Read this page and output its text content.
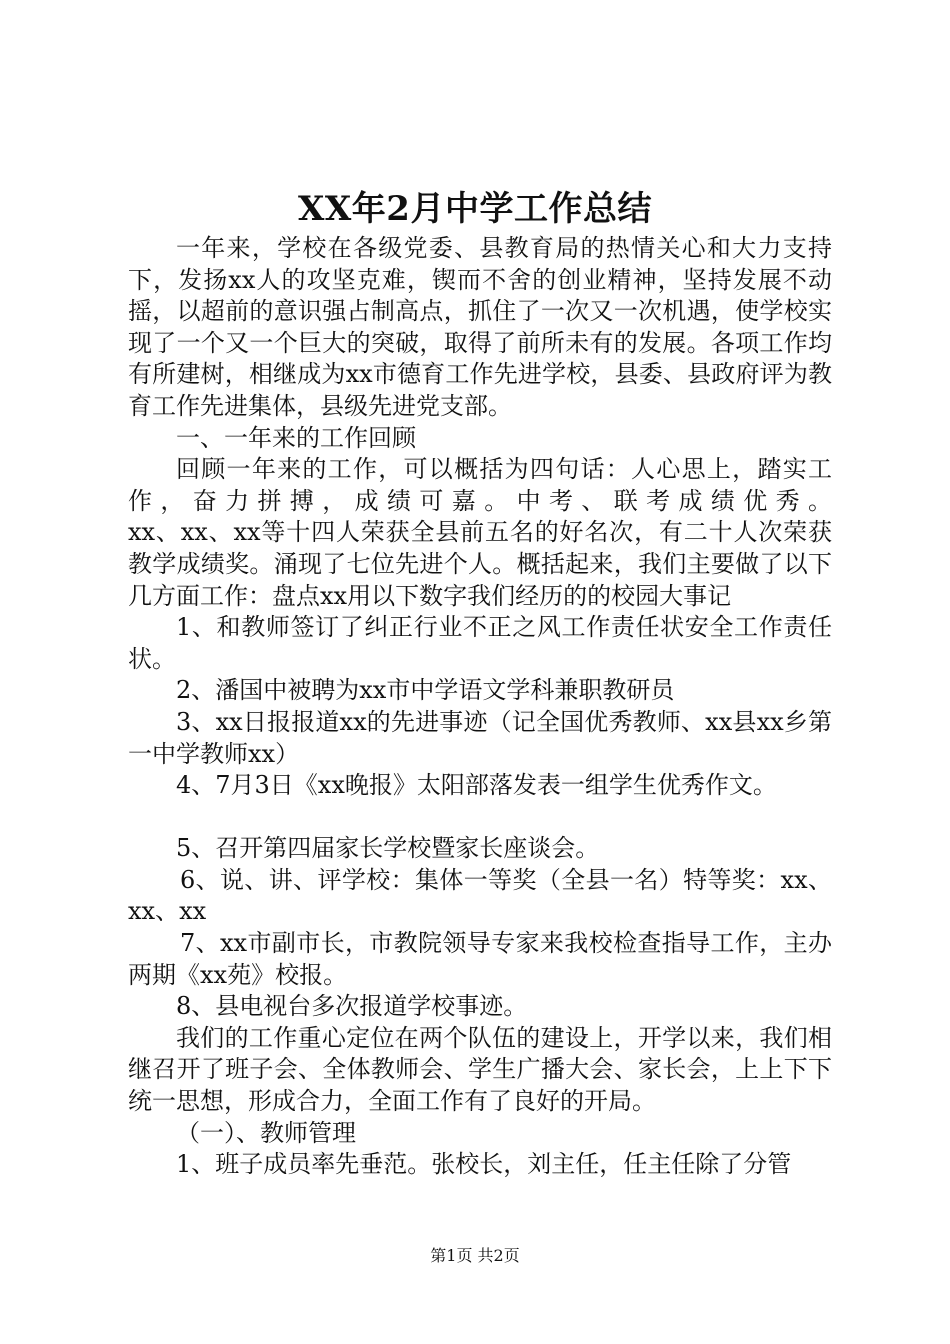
XX年2月中学工作总结

一年来，学校在各级党委、县教育局的热情关心和大力支持下，发扬xx人的攻坚克难，锲而不舍的创业精神，坚持发展不动摇，以超前的意识强占制高点，抓住了一次又一次机遇，使学校实现了一个又一个巨大的突破，取得了前所未有的发展。各项工作均有所建树，相继成为xx市德育工作先进学校，县委、县政府评为教育工作先进集体，县级先进党支部。

一、一年来的工作回顾

回顾一年来的工作，可以概括为四句话：人心思上，踏实工作，奋力拼搏，成绩可嘉。中考、联考成绩优秀。

xx、xx、xx等十四人荣获全县前五名的好名次，有二十人次荣获教学成绩奖。涌现了七位先进个人。概括起来，我们主要做了以下几方面工作：盘点xx用以下数字我们经历的的校园大事记

1、和教师签订了纠正行业不正之风工作责任状安全工作责任状。

2、潘国中被聘为xx市中学语文学科兼职教研员

3、xx日报报道xx的先进事迹（记全国优秀教师、xx县xx乡第一中学教师xx）

4、7月3日《xx晚报》太阳部落发表一组学生优秀作文。

5、召开第四届家长学校暨家长座谈会。

6、说、讲、评学校：集体一等奖（全县一名）特等奖：xx、xx、xx

7、xx市副市长，市教院领导专家来我校检查指导工作，主办两期《xx苑》校报。

8、县电视台多次报道学校事迹。

我们的工作重心定位在两个队伍的建设上，开学以来，我们相继召开了班子会、全体教师会、学生广播大会、家长会，上上下下统一思想，形成合力，全面工作有了良好的开局。

（一）、教师管理

1、班子成员率先垂范。张校长，刘主任，任主任除了分管

第1页 共2页
